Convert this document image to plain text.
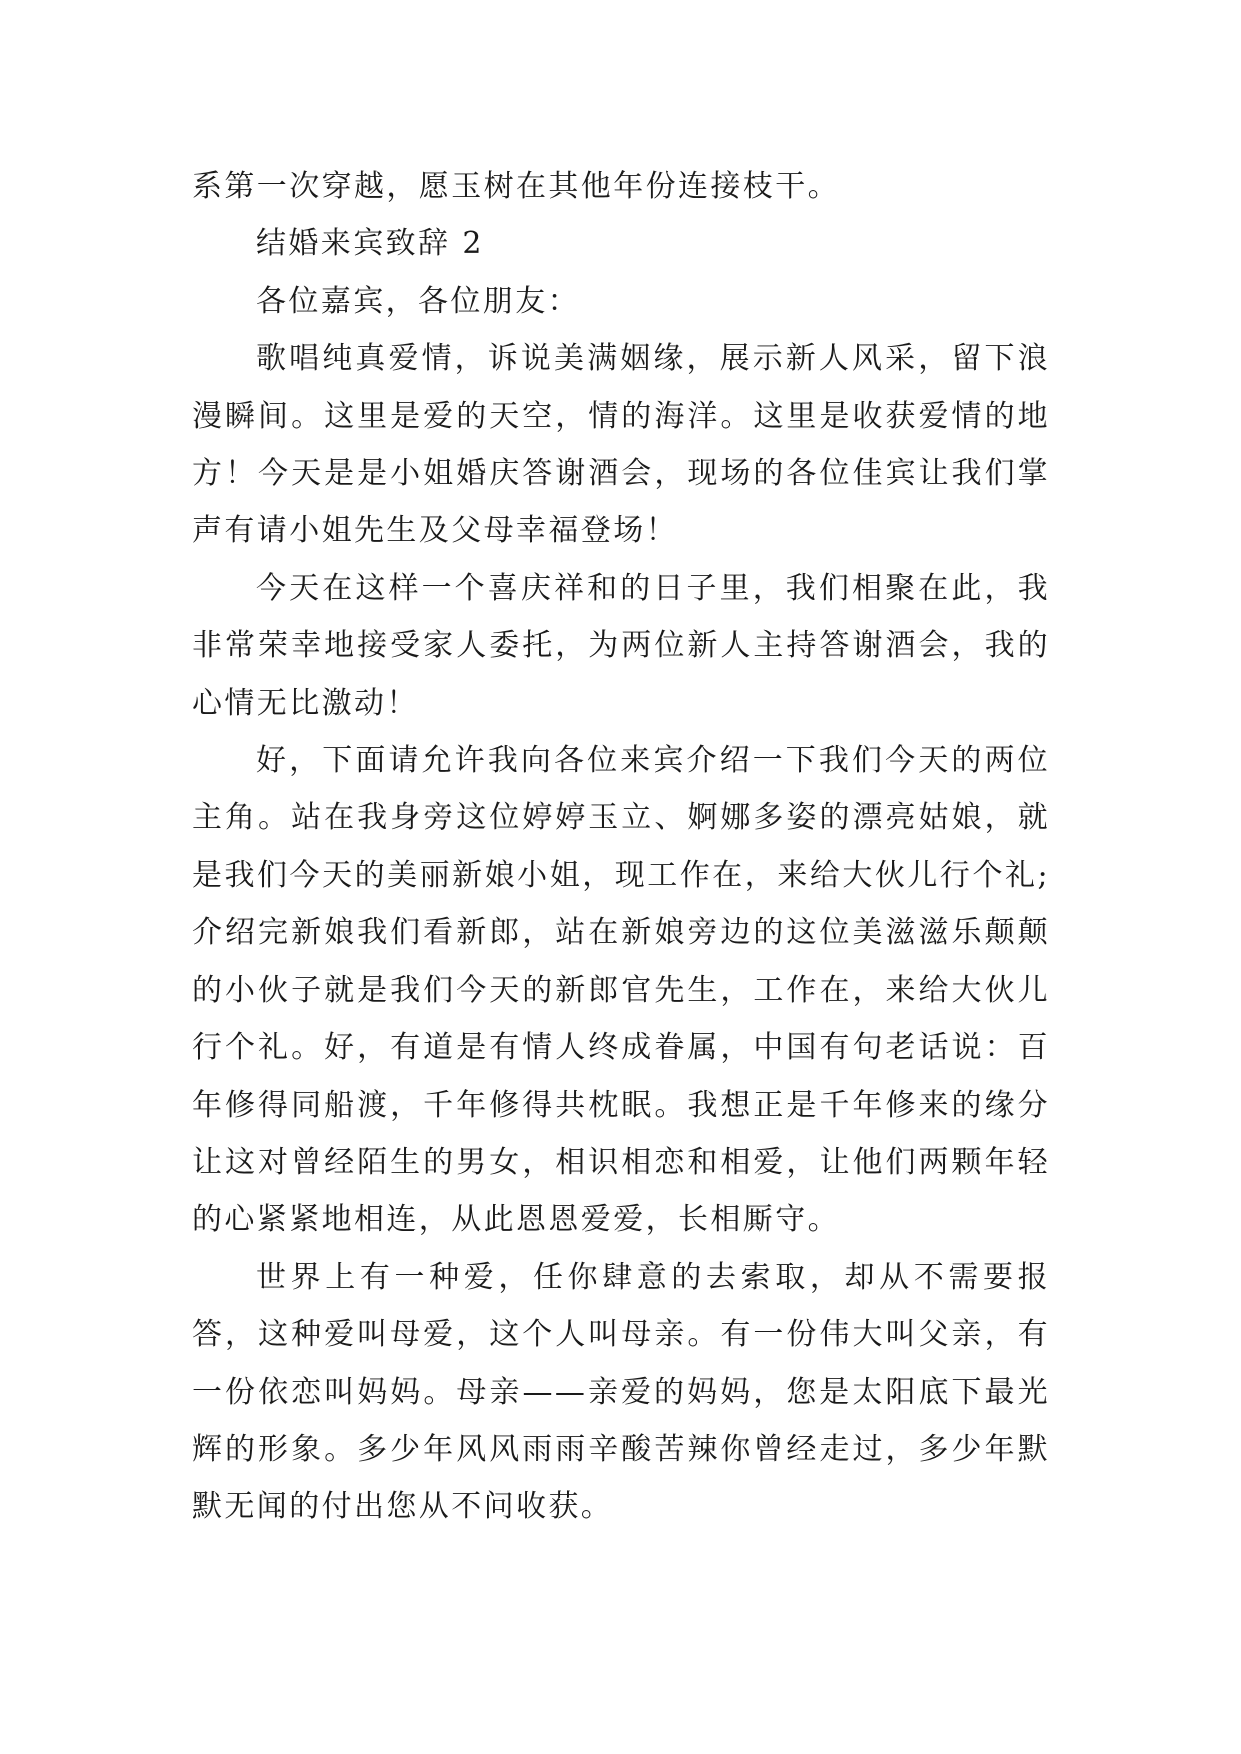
系第一次穿越，愿玉树在其他年份连接枝干。

结婚来宾致辞 2

各位嘉宾，各位朋友：

歌唱纯真爱情，诉说美满姻缘，展示新人风采，留下浪漫瞬间。这里是爱的天空，情的海洋。这里是收获爱情的地方！今天是是小姐婚庆答谢酒会，现场的各位佳宾让我们掌声有请小姐先生及父母幸福登场！

今天在这样一个喜庆祥和的日子里，我们相聚在此，我非常荣幸地接受家人委托，为两位新人主持答谢酒会，我的心情无比激动！

好，下面请允许我向各位来宾介绍一下我们今天的两位主角。站在我身旁这位婷婷玉立、婀娜多姿的漂亮姑娘，就是我们今天的美丽新娘小姐，现工作在，来给大伙儿行个礼;介绍完新娘我们看新郎，站在新娘旁边的这位美滋滋乐颠颠的小伙子就是我们今天的新郎官先生，工作在，来给大伙儿行个礼。好，有道是有情人终成眷属，中国有句老话说：百年修得同船渡，千年修得共枕眠。我想正是千年修来的缘分让这对曾经陌生的男女，相识相恋和相爱，让他们两颗年轻的心紧紧地相连，从此恩恩爱爱，长相厮守。

世界上有一种爱，任你肆意的去索取，却从不需要报答，这种爱叫母爱，这个人叫母亲。有一份伟大叫父亲，有一份依恋叫妈妈。母亲——亲爱的妈妈，您是太阳底下最光辉的形象。多少年风风雨雨辛酸苦辣你曾经走过，多少年默默无闻的付出您从不问收获。
